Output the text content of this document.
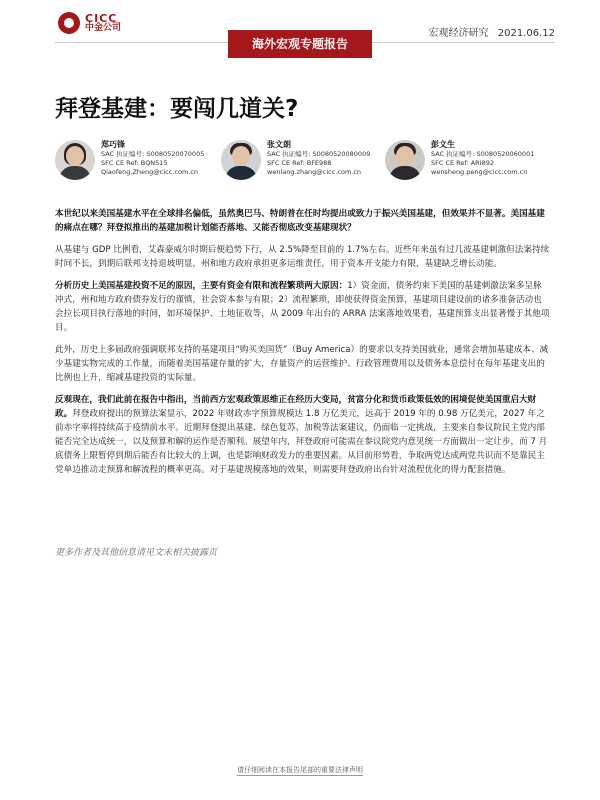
CICC
中金公司
海外宏观专题报告
宏观经济研究 2021.06.12
拜登基建：要闯几道关?
郑巧锋
SAC 执证编号: S0080520070005
SFC CE Ref: BQN515
Qiaofeng.Zheng@cicc.com.cn
张文朗
SAC 执证编号: S0080520080009
SFC CE Ref: BFE988
wenlang.zhang@cicc.com.cn
彭文生
SAC 执证编号: S0080520060001
SFC CE Ref: ARI892
wensheng.peng@cicc.com.cn

本世纪以来美国基建水平在全球排名偏低，虽然奥巴马、特朗普在任时均提出或致力于振兴美国基建，但效果并不显著。美国基建的痛点在哪？拜登拟推出的基建加税计划能否落地、又能否彻底改变基建现状？

从基建与 GDP 比例看，艾森豪威尔时期后便趋势下行，从 2.5%降至目前的 1.7%左右。近些年来虽有过几波基建刺激但法案持续时间不长，到期后联邦支持退坡明显，州和地方政府承担更多运维责任，用于资本开支能力有限，基建缺乏增长动能。

分析历史上美国基建投资不足的原因，主要有资金有限和流程繁琐两大原因：1）资金面，债务约束下美国的基建刺激法案多呈脉冲式，州和地方政府债券发行的谨慎，社会资本参与有限；2）流程繁琐，即使获得资金预算，基建项目建设前的诸多准备活动也会拉长项目执行落地的时间，如环境保护、土地征收等，从 2009 年出台的 ARRA 法案落地效果看，基建预算支出显著慢于其他项目。

此外，历史上多届政府强调联邦支持的基建项目“购买美国货”（Buy America）的要求以支持美国就业，通常会增加基建成本、减少基建实物完成的工作量，而随着美国基建存量的扩大，存量资产的运营维护、行政管理费用以及债务本息偿付在每年基建支出的比例也上升，缩减基建投资的实际量。

反观现在，我们此前在报告中指出，当前西方宏观政策思维正在经历大变局，贫富分化和货币政策低效的困境促使美国重启大财政。拜登政府提出的预算法案显示，2022 年财政赤字预算规模达 1.8 万亿美元，远高于 2019 年的 0.98 万亿美元，2027 年之前赤字率将持续高于疫情前水平。近期拜登提出基建、绿色复苏、加税等法案建议，仍面临一定挑战，主要来自参议院民主党内部能否完全达成统一，以及预算和解的运作是否顺利。展望年内，拜登政府可能需在参议院党内意见统一方面做出一定让步，而 7 月底债务上限暂停到期后能否有比较大的上调，也是影响财政发力的重要因素。从目前形势看，争取两党达成两党共识而不是靠民主党单边推动走预算和解流程的概率更高。对于基建规模落地的效果，则需要拜登政府出台针对流程优化的得力配套措施。

更多作者及其他信息请见文末相关披露页
请仔细阅读在本报告尾部的重要法律声明
